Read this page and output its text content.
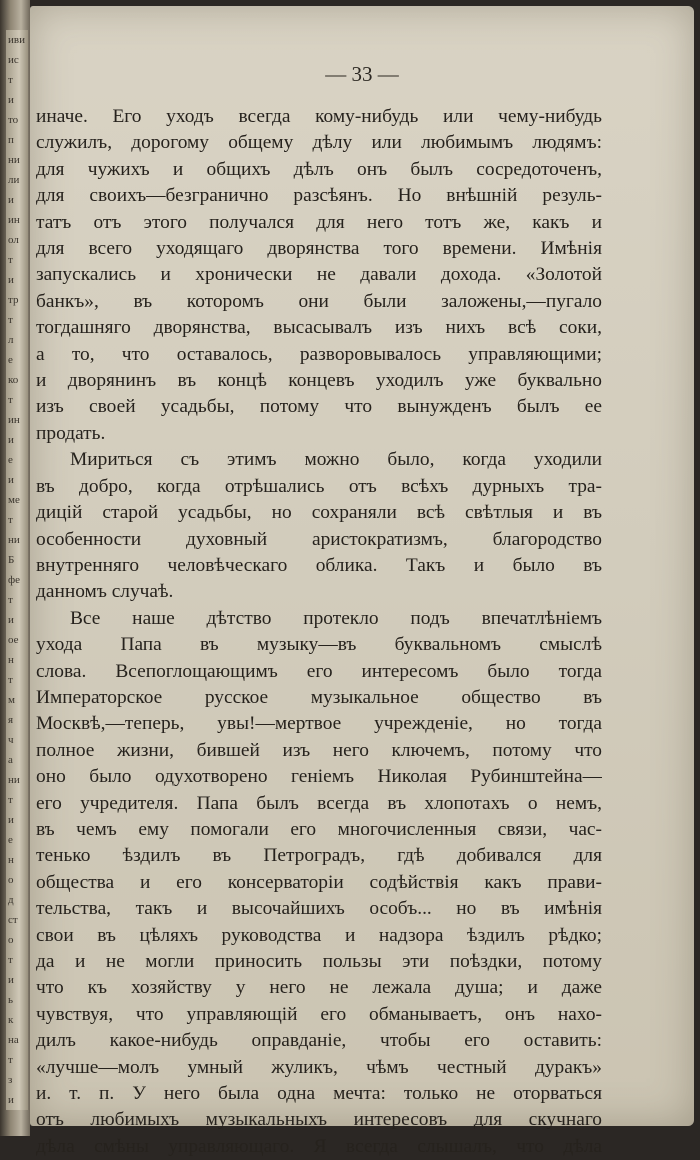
иви
ис
т
и
то
п
ни
ли
и
ин
ол
т
и
тр
т
л
е
ко
т
ин
и
е
и
ме
т
ни
Б
фе
т
и
ое
н
т
м
я
ч
а
ни
т
и
е
н
о
д
ст
о
т
и
ь
к
на
т
з
и
— 33 —
иначе. Его уходъ всегда кому-нибудь или чему-нибудь
служилъ, дорогому общему дѣлу или любимымъ людямъ:
для чужихъ и общихъ дѣлъ онъ былъ сосредоточенъ,
для своихъ—безгранично разсѣянъ. Но внѣшній резуль-
татъ отъ этого получался для него тотъ же, какъ и
для всего уходящаго дворянства того времени. Имѣнія
запускались и хронически не давали дохода. «Золотой
банкъ», въ которомъ они были заложены,—пугало
тогдашняго дворянства, высасывалъ изъ нихъ всѣ соки,
а то, что оставалось, разворовывалось управляющими;
и дворянинъ въ концѣ концевъ уходилъ уже буквально
изъ своей усадьбы, потому что вынужденъ былъ ее
продать.
Мириться съ этимъ можно было, когда уходили
въ добро, когда отрѣшались отъ всѣхъ дурныхъ тра-
дицій старой усадьбы, но сохраняли всѣ свѣтлыя и въ
особенности духовный аристократизмъ, благородство
внутренняго человѣческаго облика. Такъ и было въ
данномъ случаѣ.
Все наше дѣтство протекло подъ впечатлѣніемъ
ухода Папа въ музыку—въ буквальномъ смыслѣ
слова. Всепоглощающимъ его интересомъ было тогда
Императорское русское музыкальное общество въ
Москвѣ,—теперь, увы!—мертвое учрежденіе, но тогда
полное жизни, бившей изъ него ключемъ, потому что
оно было одухотворено геніемъ Николая Рубинштейна—
его учредителя. Папа былъ всегда въ хлопотахъ о немъ,
въ чемъ ему помогали его многочисленныя связи, час-
тенько ѣздилъ въ Петроградъ, гдѣ добивался для
общества и его консерваторіи содѣйствія какъ прави-
тельства, такъ и высочайшихъ особъ... но въ имѣнія
свои въ цѣляхъ руководства и надзора ѣздилъ рѣдко;
да и не могли приносить пользы эти поѣздки, потому
что къ хозяйству у него не лежала душа; и даже
чувствуя, что управляющій его обманываетъ, онъ нахо-
дилъ какое-нибудь оправданіе, чтобы его оставить:
«лучше—молъ умный жуликъ, чѣмъ честный дуракъ»
и. т. п. У него была одна мечта: только не оторваться
отъ любимыхъ музыкальныхъ интересовъ для скучнаго
дѣла смѣны управляющаго. Я всегда слышалъ, что дѣла
